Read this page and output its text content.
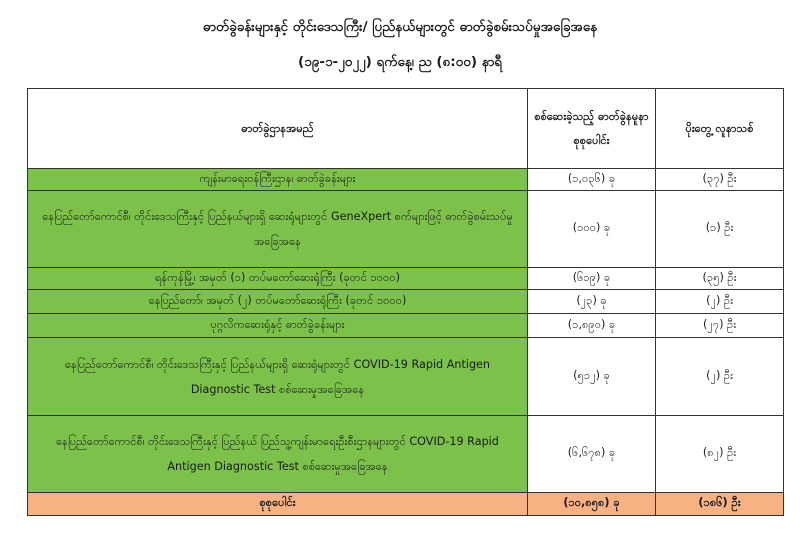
ဓာတ်ခွဲခန်းများနှင့် တိုင်းဒေသကြီး/ ပြည်နယ်များတွင် ဓာတ်ခွဲစမ်းသပ်မှုအခြေအနေ
(၁၉-၁-၂၀၂၂) ရက်နေ့၊ ည (၈:၀၀) နာရီ
ဓာတ်ခွဲဌာနအမည်	စစ်ဆေးခဲ့သည့် ဓာတ်ခွဲနမူနာ စုစုပေါင်း	ပိုးတွေ့ လူနာသစ်
ကျန်းမာရေးဝန်ကြီးဌာန၊ ဓာတ်ခွဲခန်းများ	(၁,၀၃၆) ခု	(၃၇) ဦး
နေပြည်တော်ကောင်စီ၊ တိုင်းဒေသကြီးနှင့် ပြည်နယ်များရှိ ဆေးရုံများတွင် GeneXpert စက်များဖြင့် ဓာတ်ခွဲစမ်းသပ်မှုအခြေအနေ	(၁၀၀) ခု	(၁) ဦး
ရန်ကုန်မြို့၊ အမှတ် (၁) တပ်မတော်ဆေးရုံကြီး (ခုတင် ၁၀၀၀)	(၆၁၉) ခု	(၃၅) ဦး
နေပြည်တော်၊ အမှတ် (၂) တပ်မတော်ဆေးရုံကြီး (ခုတင် ၁၀၀၀)	(၂၃) ခု	(၂) ဦး
ပုဂ္ဂလိကဆေးရုံနှင့် ဓာတ်ခွဲခန်းများ	(၁,၈၉၀) ခု	(၂၇) ဦး
နေပြည်တော်ကောင်စီ၊ တိုင်းဒေသကြီးနှင့် ပြည်နယ်များရှိ ဆေးရုံများတွင် COVID-19 Rapid Antigen Diagnostic Test စစ်ဆေးမှုအခြေအနေ	(၅၁၂) ခု	(၂) ဦး
နေပြည်တော်ကောင်စီ၊ တိုင်းဒေသကြီးနှင့် ပြည်နယ် ပြည်သူ့ကျန်းမာရေးဦးစီးဌာနများတွင် COVID-19 Rapid Antigen Diagnostic Test စစ်ဆေးမှုအခြေအနေ	(၆,၆၇၈) ခု	(၈၂) ဦး
စုစုပေါင်း	(၁၀,၈၅၈) ခု	(၁၈၆) ဦး
